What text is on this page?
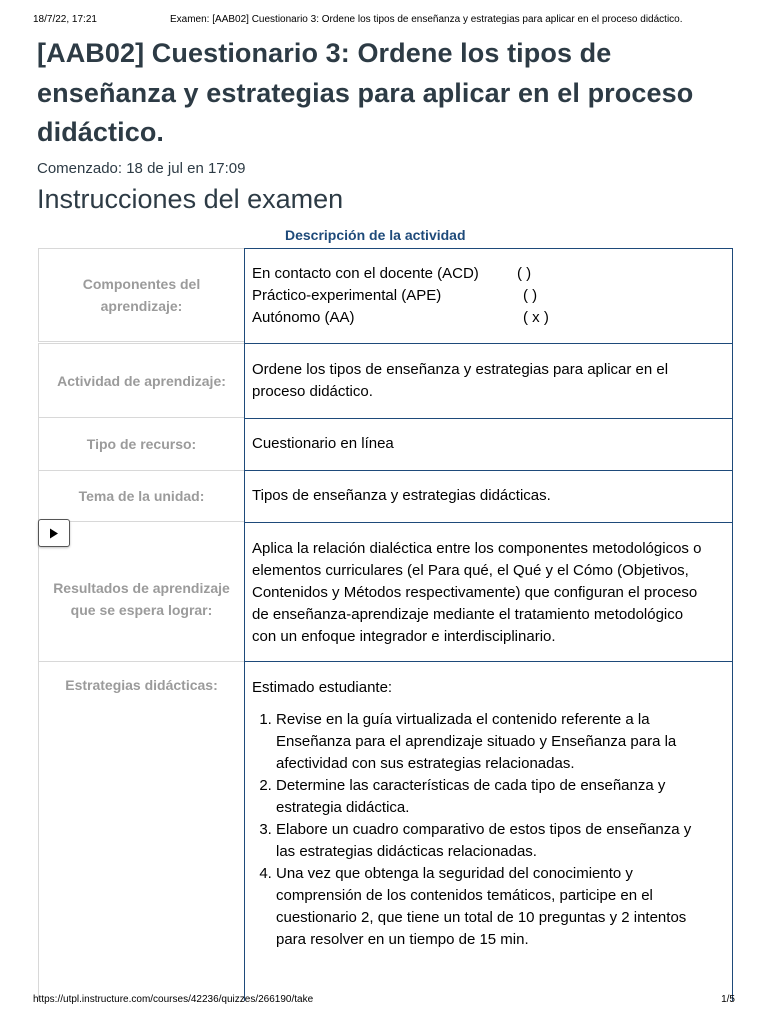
18/7/22, 17:21	Examen: [AAB02] Cuestionario 3: Ordene los tipos de enseñanza y estrategias para aplicar en el proceso didáctico.
[AAB02] Cuestionario 3: Ordene los tipos de
enseñanza y estrategias para aplicar en el proceso
didáctico.
Comenzado: 18 de jul en 17:09
Instrucciones del examen
Descripción de la actividad
Componentes del
aprendizaje:
En contacto con el docente (ACD)	( )
Práctico-experimental (APE)	( )
Autónomo (AA)	( x )
Actividad de aprendizaje:
Ordene los tipos de enseñanza y estrategias para aplicar en el
proceso didáctico.
Tipo de recurso:	Cuestionario en línea
Tema de la unidad:	Tipos de enseñanza y estrategias didácticas.
Resultados de aprendizaje
que se espera lograr:
Aplica la relación dialéctica entre los componentes metodológicos o
elementos curriculares (el Para qué, el Qué y el Cómo (Objetivos,
Contenidos y Métodos respectivamente) que configuran el proceso
de enseñanza-aprendizaje mediante el tratamiento metodológico
con un enfoque integrador e interdisciplinario.
Estrategias didácticas: Estimado estudiante:
1. Revise en la guía virtualizada el contenido referente a la
Enseñanza para el aprendizaje situado y Enseñanza para la
afectividad con sus estrategias relacionadas.
2. Determine las características de cada tipo de enseñanza y
estrategia didáctica.
3. Elabore un cuadro comparativo de estos tipos de enseñanza y
las estrategias didácticas relacionadas.
4. Una vez que obtenga la seguridad del conocimiento y
comprensión de los contenidos temáticos, participe en el
cuestionario 2, que tiene un total de 10 preguntas y 2 intentos
para resolver en un tiempo de 15 min.
https://utpl.instructure.com/courses/42236/quizzes/266190/take	1/5
